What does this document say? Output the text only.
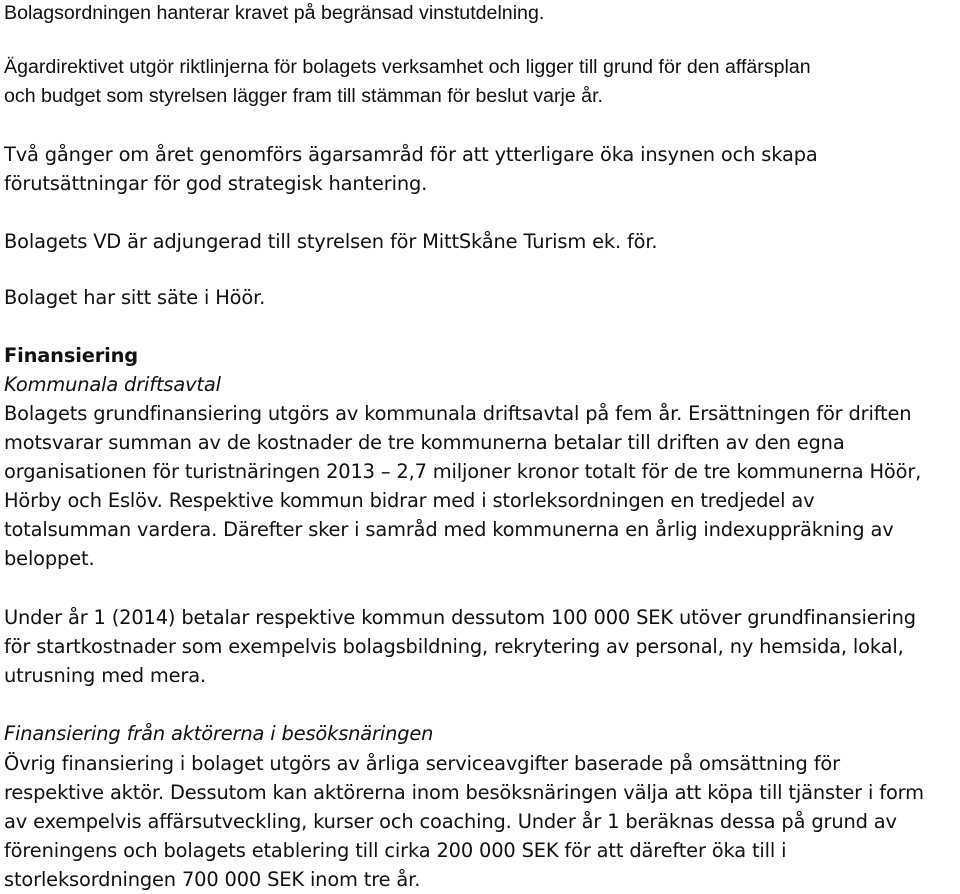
Bolagsordningen hanterar kravet på begränsad vinstutdelning.
Ägardirektivet utgör riktlinjerna för bolagets verksamhet och ligger till grund för den affärsplan
och budget som styrelsen lägger fram till stämman för beslut varje år.
Två gånger om året genomförs ägarsamråd för att ytterligare öka insynen och skapa
förutsättningar för god strategisk hantering.
Bolagets VD är adjungerad till styrelsen för MittSkåne Turism ek. för.
Bolaget har sitt säte i Höör.
Finansiering
Kommunala driftsavtal
Bolagets grundfinansiering utgörs av kommunala driftsavtal på fem år. Ersättningen för driften
motsvarar summan av de kostnader de tre kommunerna betalar till driften av den egna
organisationen för turistnäringen 2013 – 2,7 miljoner kronor totalt för de tre kommunerna Höör,
Hörby och Eslöv. Respektive kommun bidrar med i storleksordningen en tredjedel av
totalsumman vardera. Därefter sker i samråd med kommunerna en årlig indexuppräkning av
beloppet.
Under år 1 (2014) betalar respektive kommun dessutom 100 000 SEK utöver grundfinansiering
för startkostnader som exempelvis bolagsbildning, rekrytering av personal, ny hemsida, lokal,
utrusning med mera.
Finansiering från aktörerna i besöksnäringen
Övrig finansiering i bolaget utgörs av årliga serviceavgifter baserade på omsättning för
respektive aktör. Dessutom kan aktörerna inom besöksnäringen välja att köpa till tjänster i form
av exempelvis affärsutveckling, kurser och coaching. Under år 1 beräknas dessa på grund av
föreningens och bolagets etablering till cirka 200 000 SEK för att därefter öka till i
storleksordningen 700 000 SEK inom tre år.
